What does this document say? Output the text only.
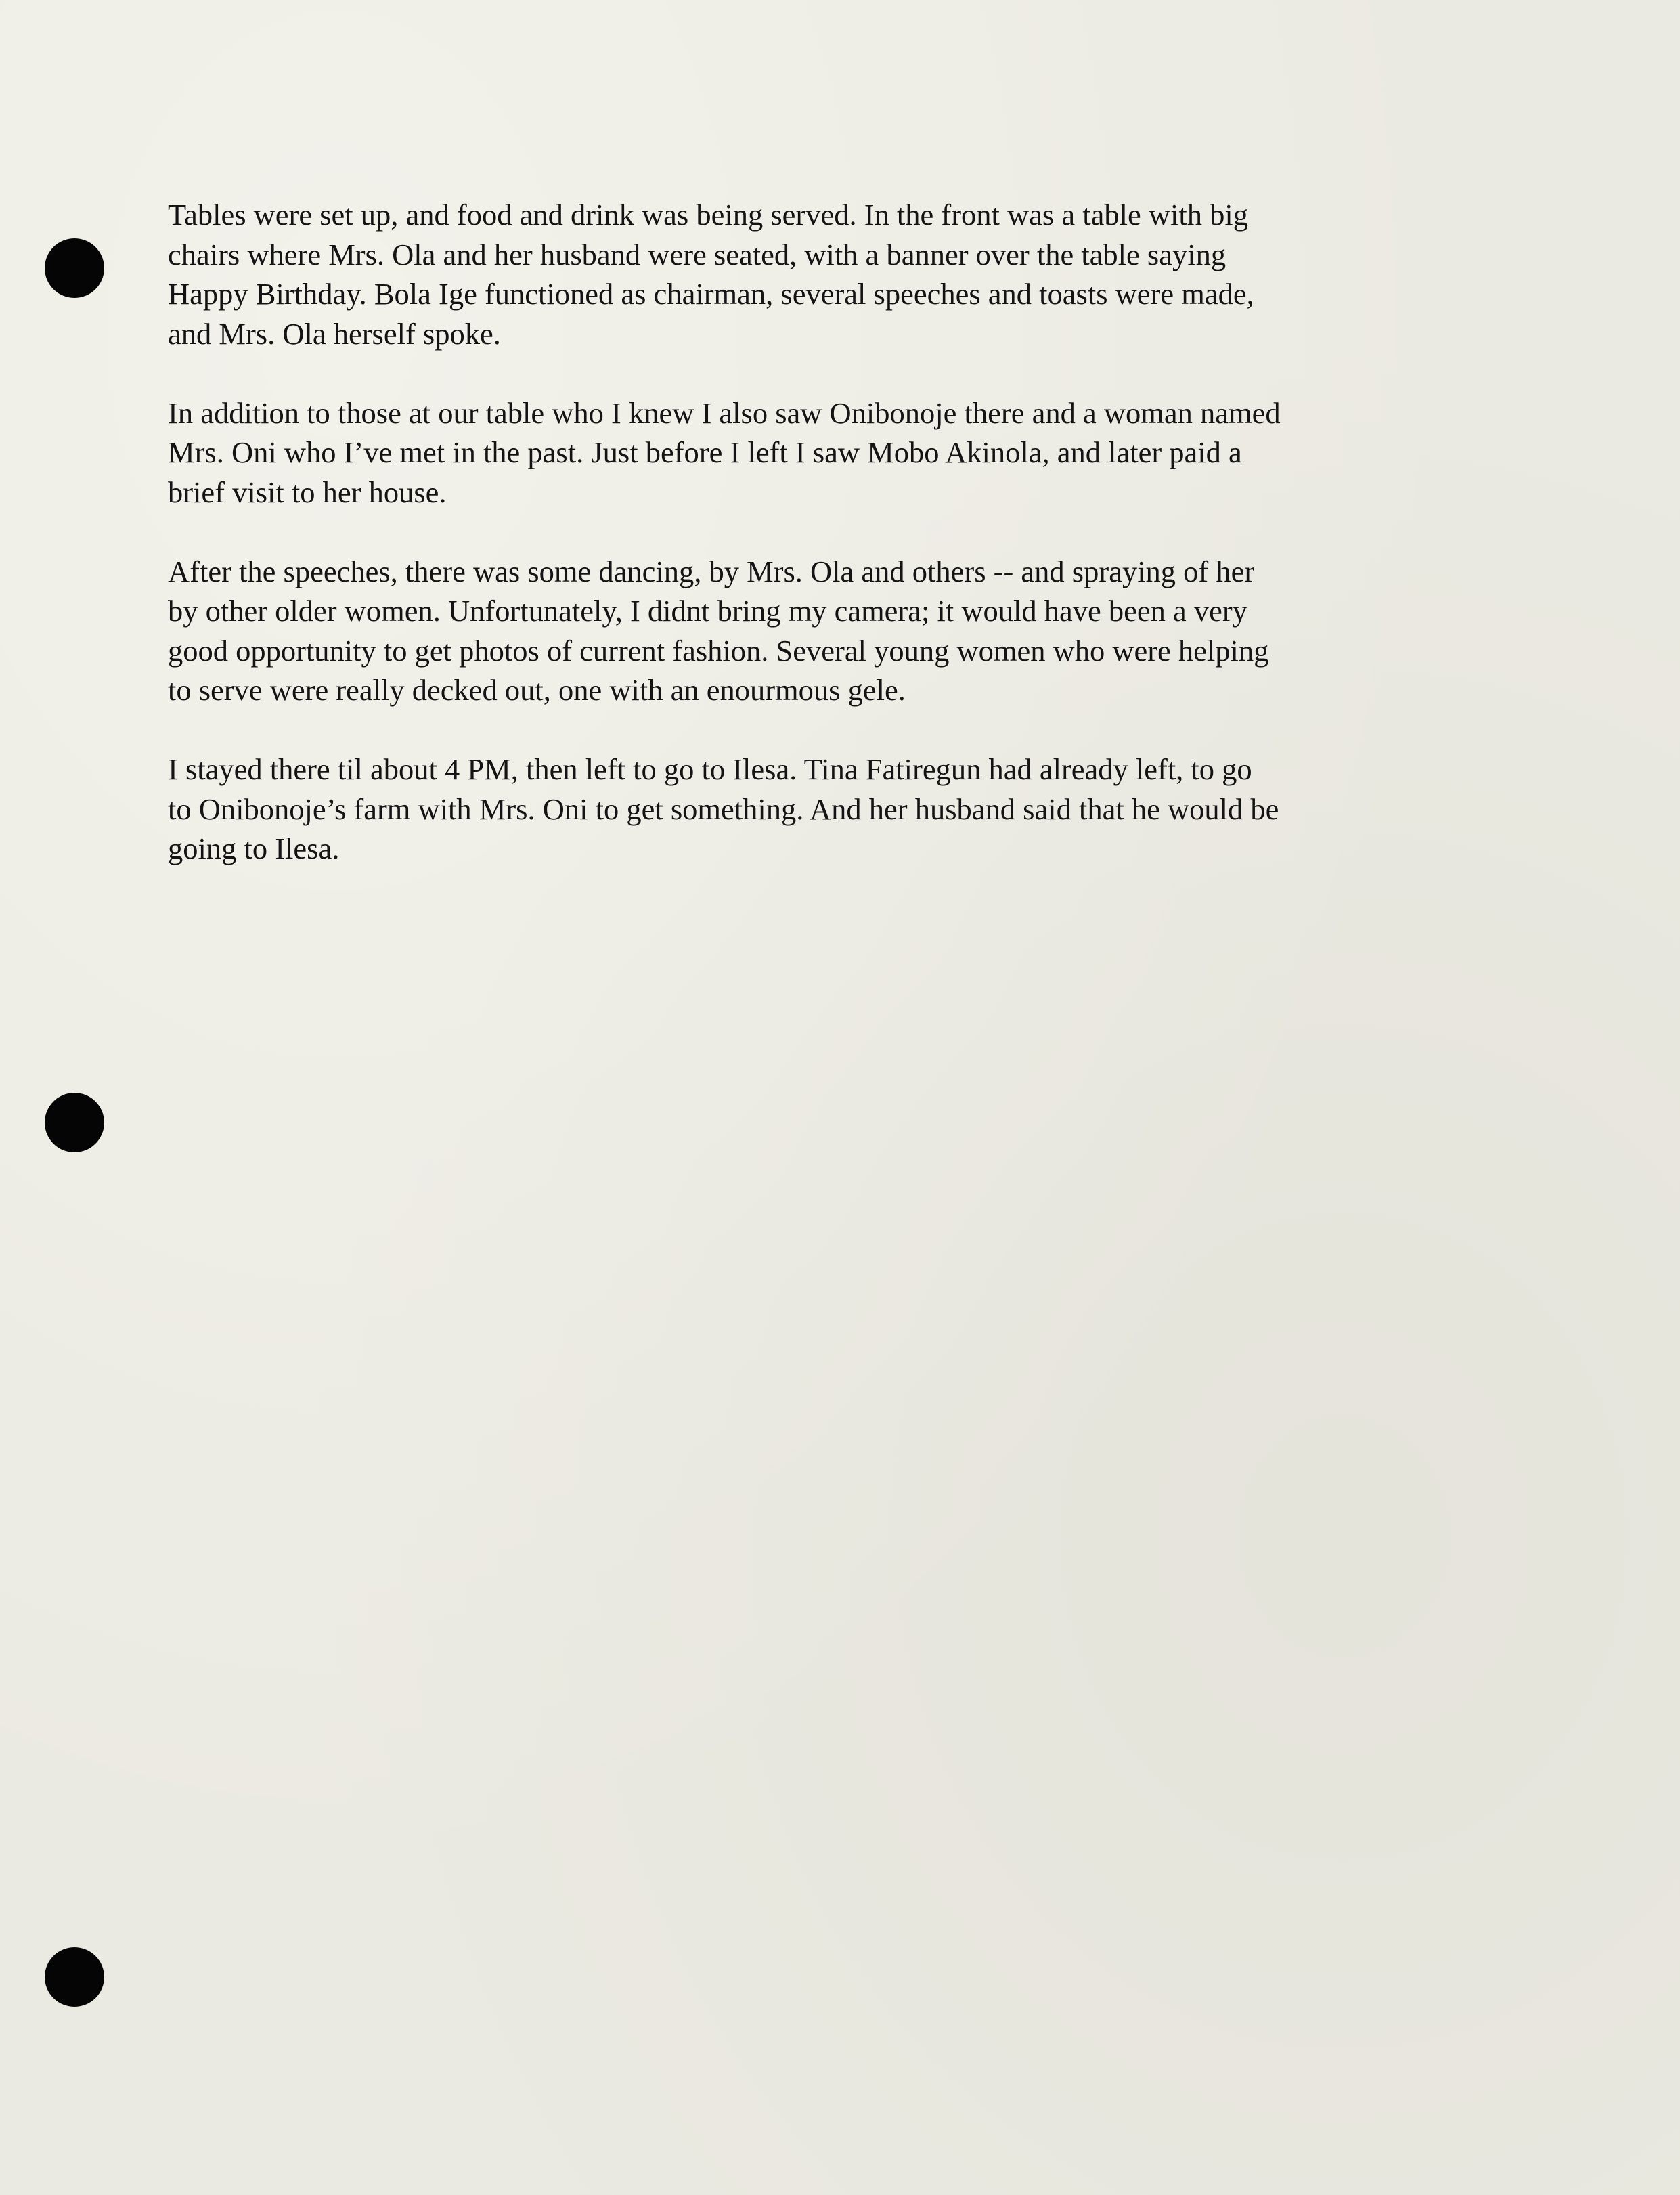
Tables were set up, and food and drink was being served. In the front was a table with big
chairs where Mrs. Ola and her husband were seated, with a banner over the table saying
Happy Birthday. Bola Ige functioned as chairman, several speeches and toasts were made,
and Mrs. Ola herself spoke.

In addition to those at our table who I knew I also saw Onibonoje there and a woman named
Mrs. Oni who I’ve met in the past. Just before I left I saw Mobo Akinola, and later paid a
brief visit to her house.

After the speeches, there was some dancing, by Mrs. Ola and others -- and spraying of her
by other older women. Unfortunately, I didnt bring my camera; it would have been a very
good opportunity to get photos of current fashion. Several young women who were helping
to serve were really decked out, one with an enourmous gele.

I stayed there til about 4 PM, then left to go to Ilesa. Tina Fatiregun had already left, to go
to Onibonoje’s farm with Mrs. Oni to get something. And her husband said that he would be
going to Ilesa.
